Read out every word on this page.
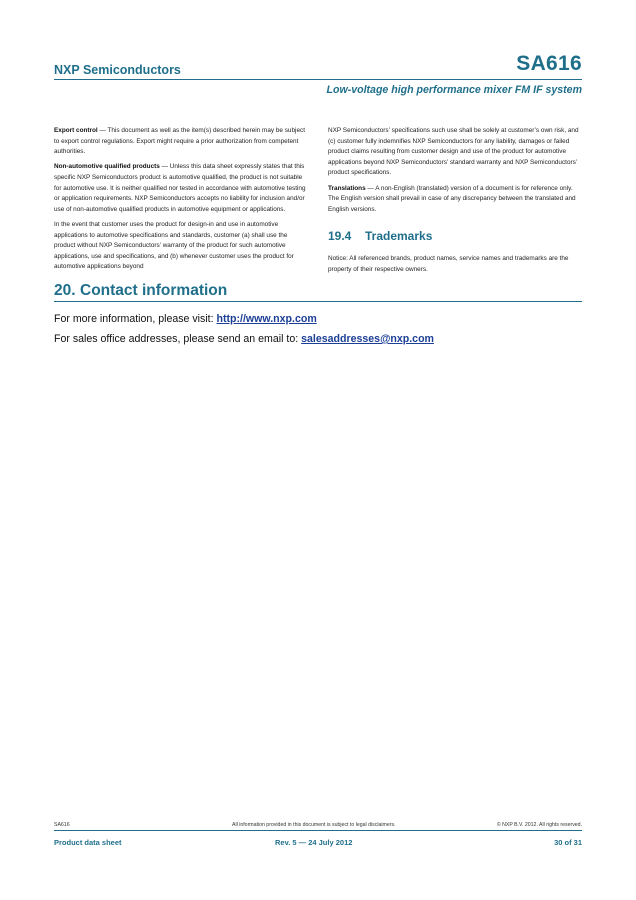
NXP Semiconductors	SA616
Low-voltage high performance mixer FM IF system

Export control — This document as well as the item(s) described herein may be subject to export control regulations. Export might require a prior authorization from competent authorities.

Non-automotive qualified products — Unless this data sheet expressly states that this specific NXP Semiconductors product is automotive qualified, the product is not suitable for automotive use. It is neither qualified nor tested in accordance with automotive testing or application requirements. NXP Semiconductors accepts no liability for inclusion and/or use of non-automotive qualified products in automotive equipment or applications.

In the event that customer uses the product for design-in and use in automotive applications to automotive specifications and standards, customer (a) shall use the product without NXP Semiconductors’ warranty of the product for such automotive applications, use and specifications, and (b) whenever customer uses the product for automotive applications beyond

NXP Semiconductors’ specifications such use shall be solely at customer’s own risk, and (c) customer fully indemnifies NXP Semiconductors for any liability, damages or failed product claims resulting from customer design and use of the product for automotive applications beyond NXP Semiconductors’ standard warranty and NXP Semiconductors’ product specifications.

Translations — A non-English (translated) version of a document is for reference only. The English version shall prevail in case of any discrepancy between the translated and English versions.

19.4 Trademarks

Notice: All referenced brands, product names, service names and trademarks are the property of their respective owners.

20. Contact information
For more information, please visit: http://www.nxp.com
For sales office addresses, please send an email to: salesaddresses@nxp.com
SA616	All information provided in this document is subject to legal disclaimers.	© NXP B.V. 2012. All rights reserved.
Product data sheet	Rev. 5 — 24 July 2012	30 of 31
